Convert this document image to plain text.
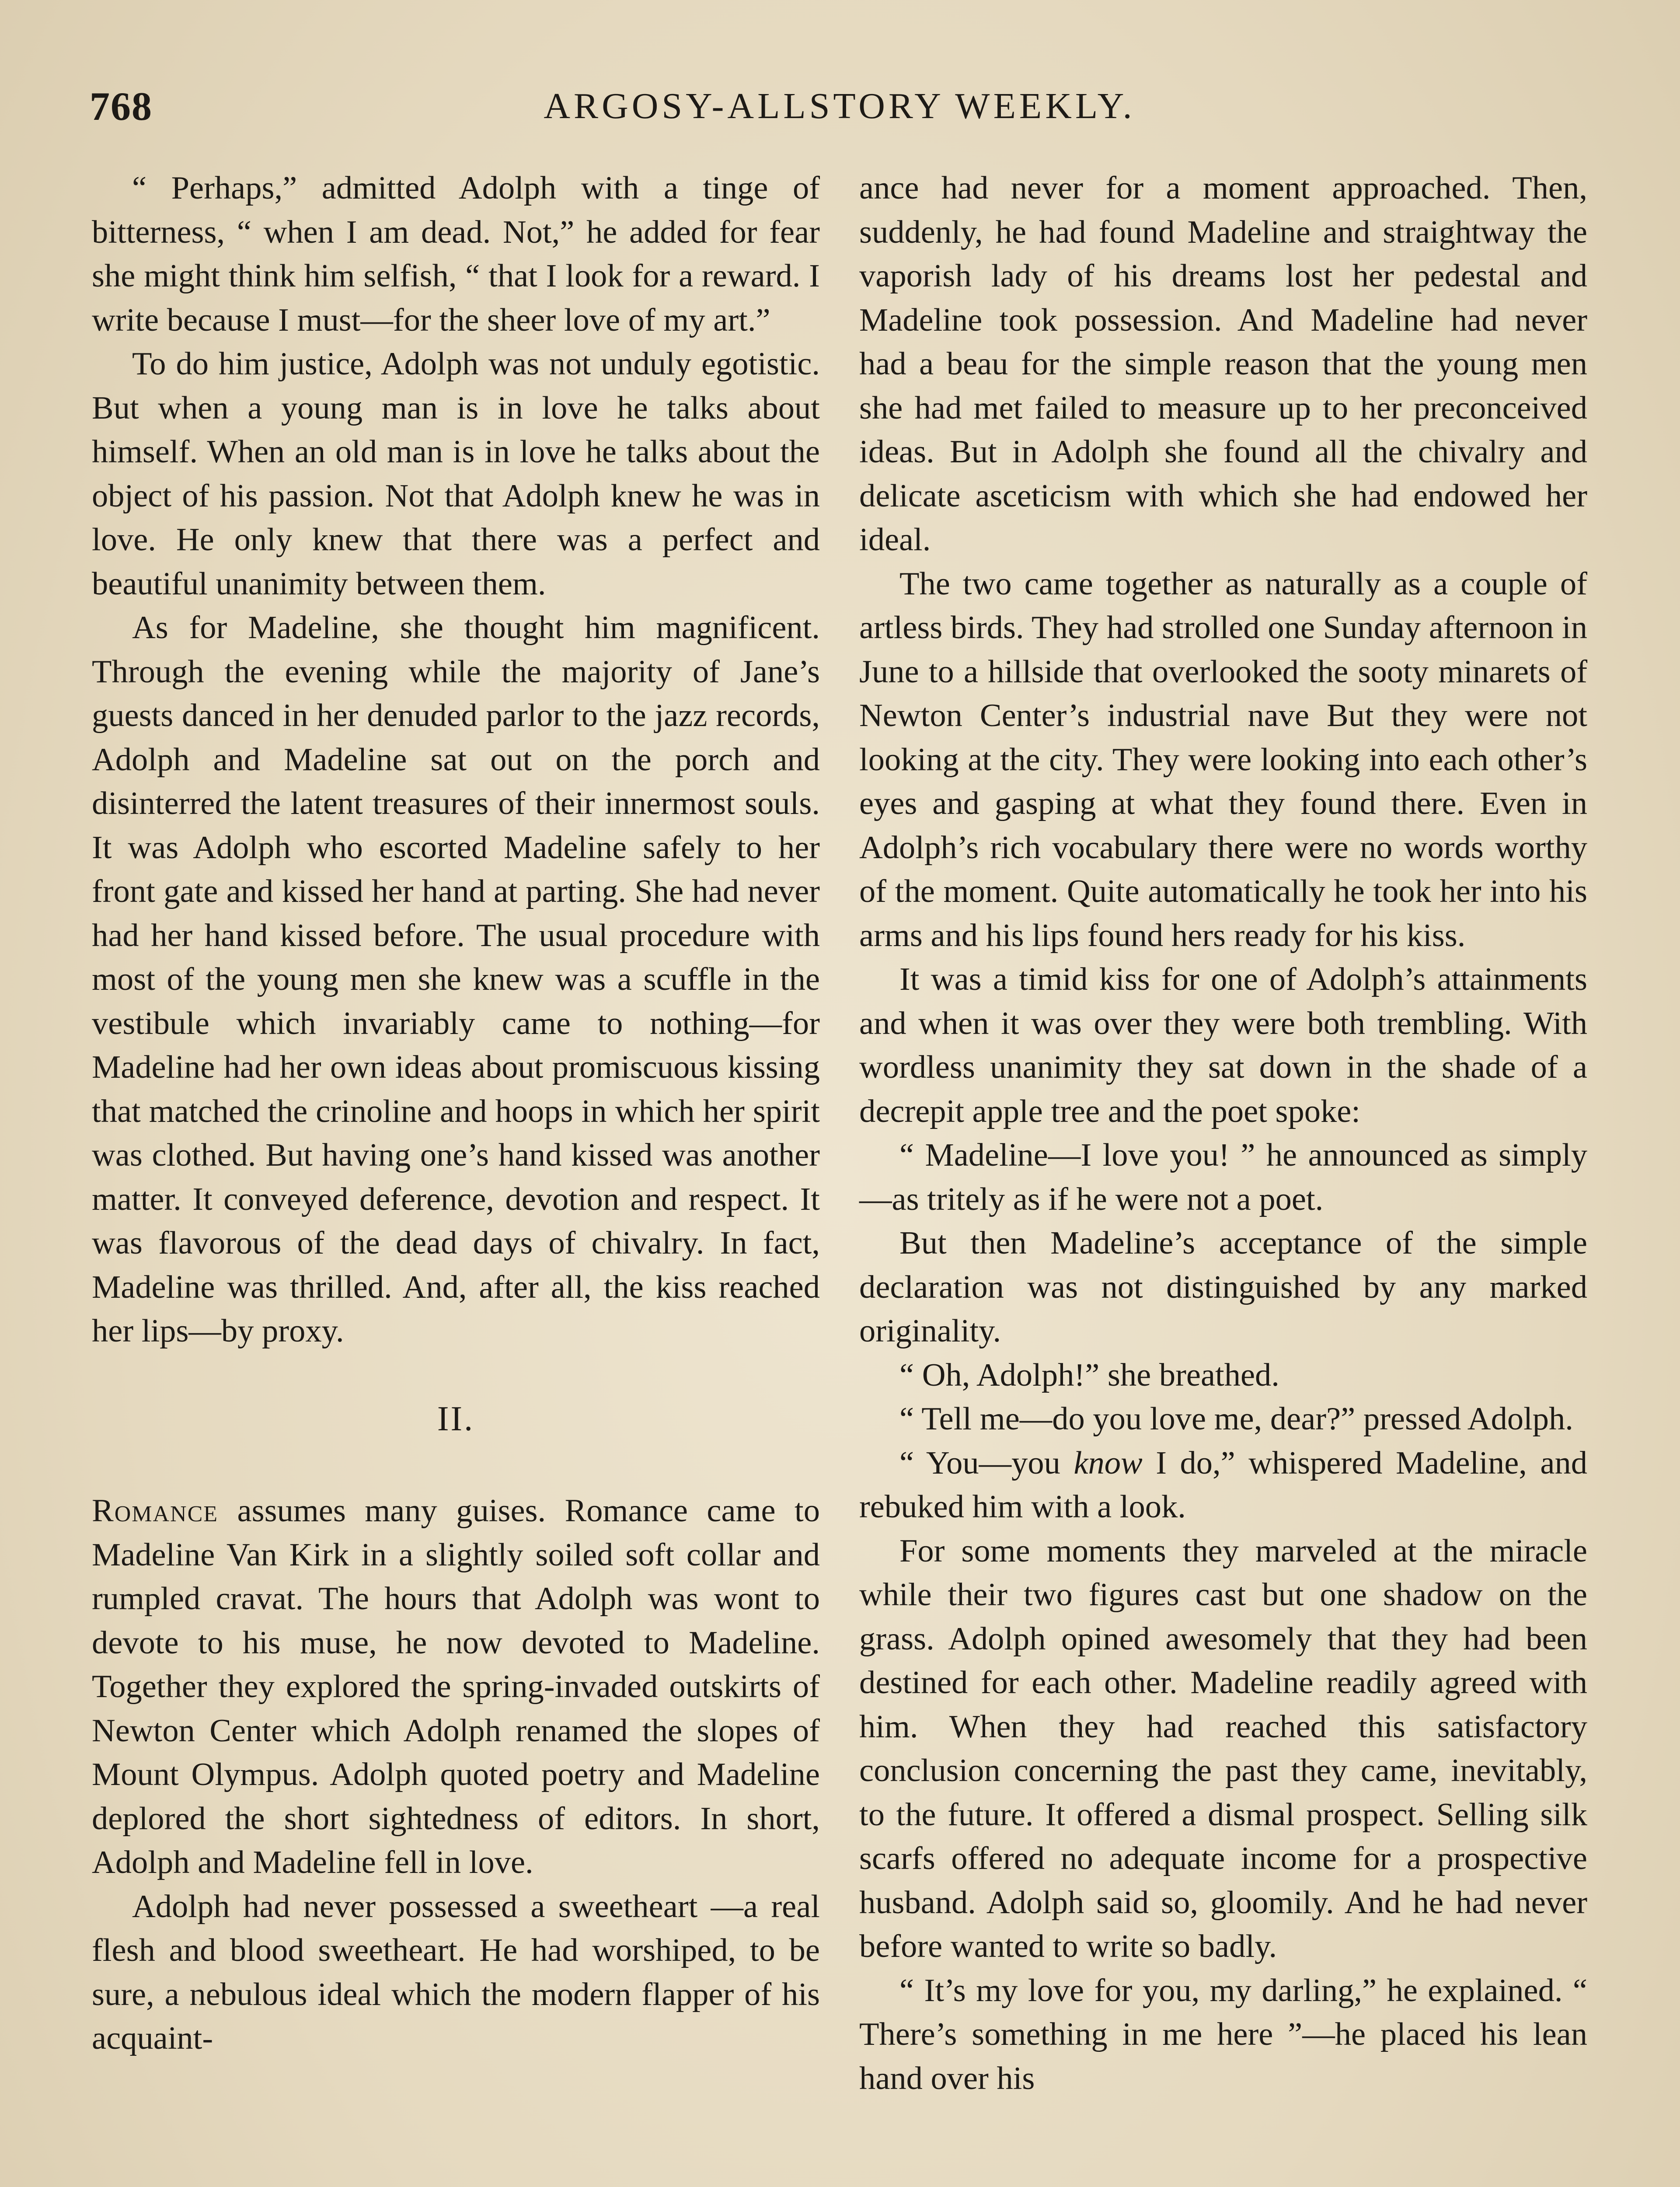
768	ARGOSY-ALLSTORY WEEKLY.

“ Perhaps,” admitted Adolph with a tinge of bitterness, “ when I am dead. Not,” he added for fear she might think him selfish, “ that I look for a reward. I write because I must—for the sheer love of my art.”

To do him justice, Adolph was not unduly egotistic. But when a young man is in love he talks about himself. When an old man is in love he talks about the object of his passion. Not that Adolph knew he was in love. He only knew that there was a perfect and beautiful unanimity between them.

As for Madeline, she thought him magnificent. Through the evening while the majority of Jane’s guests danced in her denuded parlor to the jazz records, Adolph and Madeline sat out on the porch and disinterred the latent treasures of their innermost souls. It was Adolph who escorted Madeline safely to her front gate and kissed her hand at parting. She had never had her hand kissed before. The usual procedure with most of the young men she knew was a scuffle in the vestibule which invariably came to nothing—for Madeline had her own ideas about promiscuous kissing that matched the crinoline and hoops in which her spirit was clothed. But having one’s hand kissed was another matter. It conveyed deference, devotion and respect. It was flavorous of the dead days of chivalry. In fact, Madeline was thrilled. And, after all, the kiss reached her lips—by proxy.

II.

Romance assumes many guises. Romance came to Madeline Van Kirk in a slightly soiled soft collar and rumpled cravat. The hours that Adolph was wont to devote to his muse, he now devoted to Madeline. Together they explored the spring-invaded outskirts of Newton Center which Adolph renamed the slopes of Mount Olympus. Adolph quoted poetry and Madeline deplored the short sightedness of editors. In short, Adolph and Madeline fell in love.

Adolph had never possessed a sweetheart —a real flesh and blood sweetheart. He had worshiped, to be sure, a nebulous ideal which the modern flapper of his acquaint-

ance had never for a moment approached. Then, suddenly, he had found Madeline and straightway the vaporish lady of his dreams lost her pedestal and Madeline took possession. And Madeline had never had a beau for the simple reason that the young men she had met failed to measure up to her preconceived ideas. But in Adolph she found all the chivalry and delicate asceticism with which she had endowed her ideal.

The two came together as naturally as a couple of artless birds. They had strolled one Sunday afternoon in June to a hillside that overlooked the sooty minarets of Newton Center’s industrial nave But they were not looking at the city. They were looking into each other’s eyes and gasping at what they found there. Even in Adolph’s rich vocabulary there were no words worthy of the moment. Quite automatically he took her into his arms and his lips found hers ready for his kiss.

It was a timid kiss for one of Adolph’s attainments and when it was over they were both trembling. With wordless unanimity they sat down in the shade of a decrepit apple tree and the poet spoke:

“ Madeline—I love you! ” he announced as simply—as tritely as if he were not a poet.

But then Madeline’s acceptance of the simple declaration was not distinguished by any marked originality.

“ Oh, Adolph!” she breathed.

“ Tell me—do you love me, dear?” pressed Adolph.

“ You—you know I do,” whispered Madeline, and rebuked him with a look.

For some moments they marveled at the miracle while their two figures cast but one shadow on the grass. Adolph opined awesomely that they had been destined for each other. Madeline readily agreed with him. When they had reached this satisfactory conclusion concerning the past they came, inevitably, to the future. It offered a dismal prospect. Selling silk scarfs offered no adequate income for a prospective husband. Adolph said so, gloomily. And he had never before wanted to write so badly.

“ It’s my love for you, my darling,” he explained. “ There’s something in me here ”—he placed his lean hand over his
